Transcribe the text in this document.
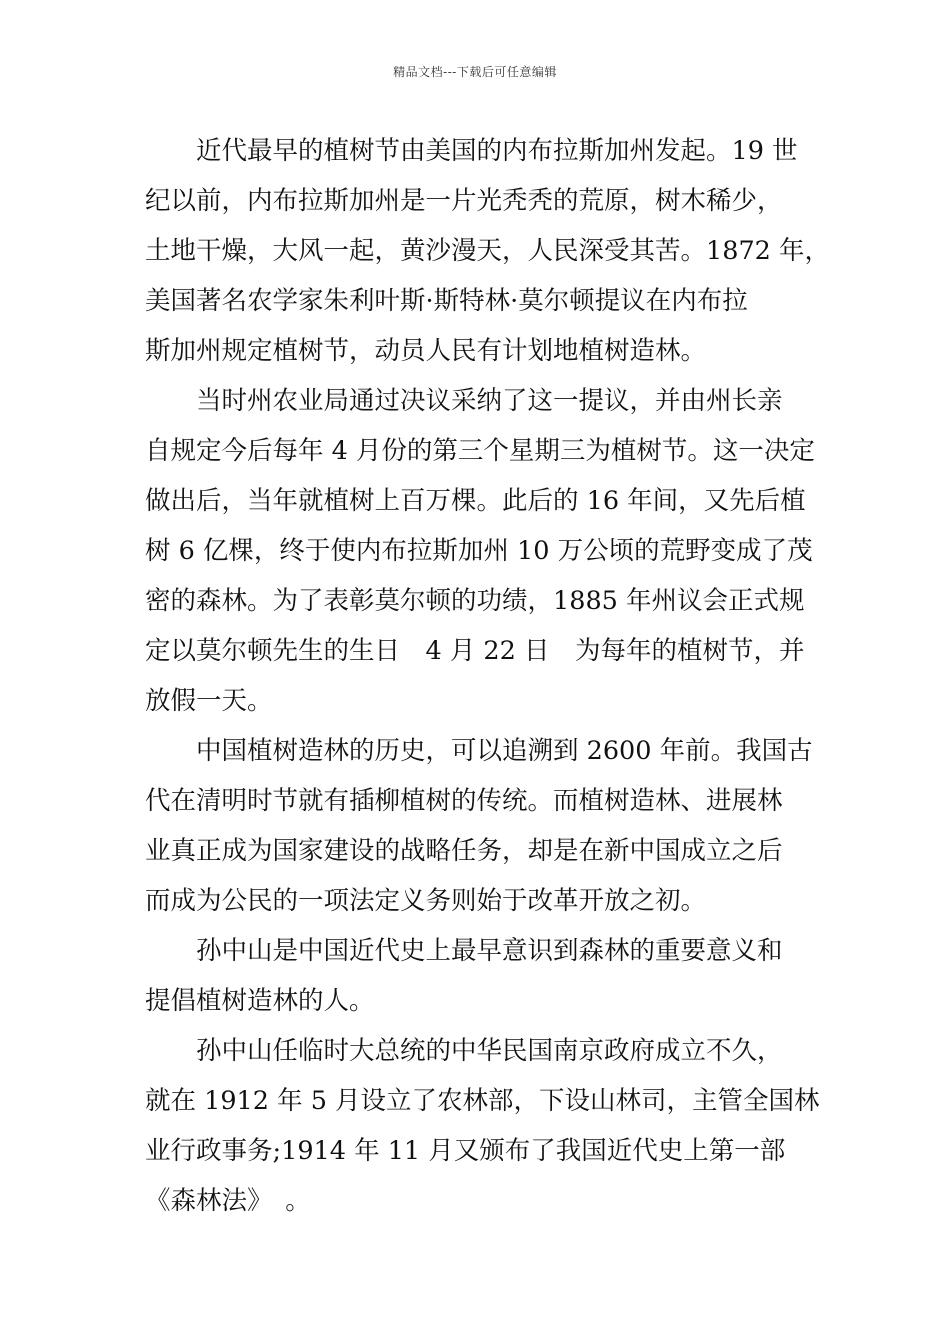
精品文档---下载后可任意编辑
　　近代最早的植树节由美国的内布拉斯加州发起。19 世
纪以前，内布拉斯加州是一片光秃秃的荒原，树木稀少，
土地干燥，大风一起，黄沙漫天，人民深受其苦。1872 年，
美国著名农学家朱利叶斯·斯特林·莫尔顿提议在内布拉
斯加州规定植树节，动员人民有计划地植树造林。
　　当时州农业局通过决议采纳了这一提议，并由州长亲
自规定今后每年 4 月份的第三个星期三为植树节。这一决定
做出后，当年就植树上百万棵。此后的 16 年间，又先后植
树 6 亿棵，终于使内布拉斯加州 10 万公顷的荒野变成了茂
密的森林。为了表彰莫尔顿的功绩，1885 年州议会正式规
定以莫尔顿先生的生日　4 月 22 日　为每年的植树节，并
放假一天。
　　中国植树造林的历史，可以追溯到 2600 年前。我国古
代在清明时节就有插柳植树的传统。而植树造林、进展林
业真正成为国家建设的战略任务，却是在新中国成立之后
而成为公民的一项法定义务则始于改革开放之初。
　　孙中山是中国近代史上最早意识到森林的重要意义和
提倡植树造林的人。
　　孙中山任临时大总统的中华民国南京政府成立不久，
就在 1912 年 5 月设立了农林部，下设山林司，主管全国林
业行政事务;1914 年 11 月又颁布了我国近代史上第一部
《森林法》　。
